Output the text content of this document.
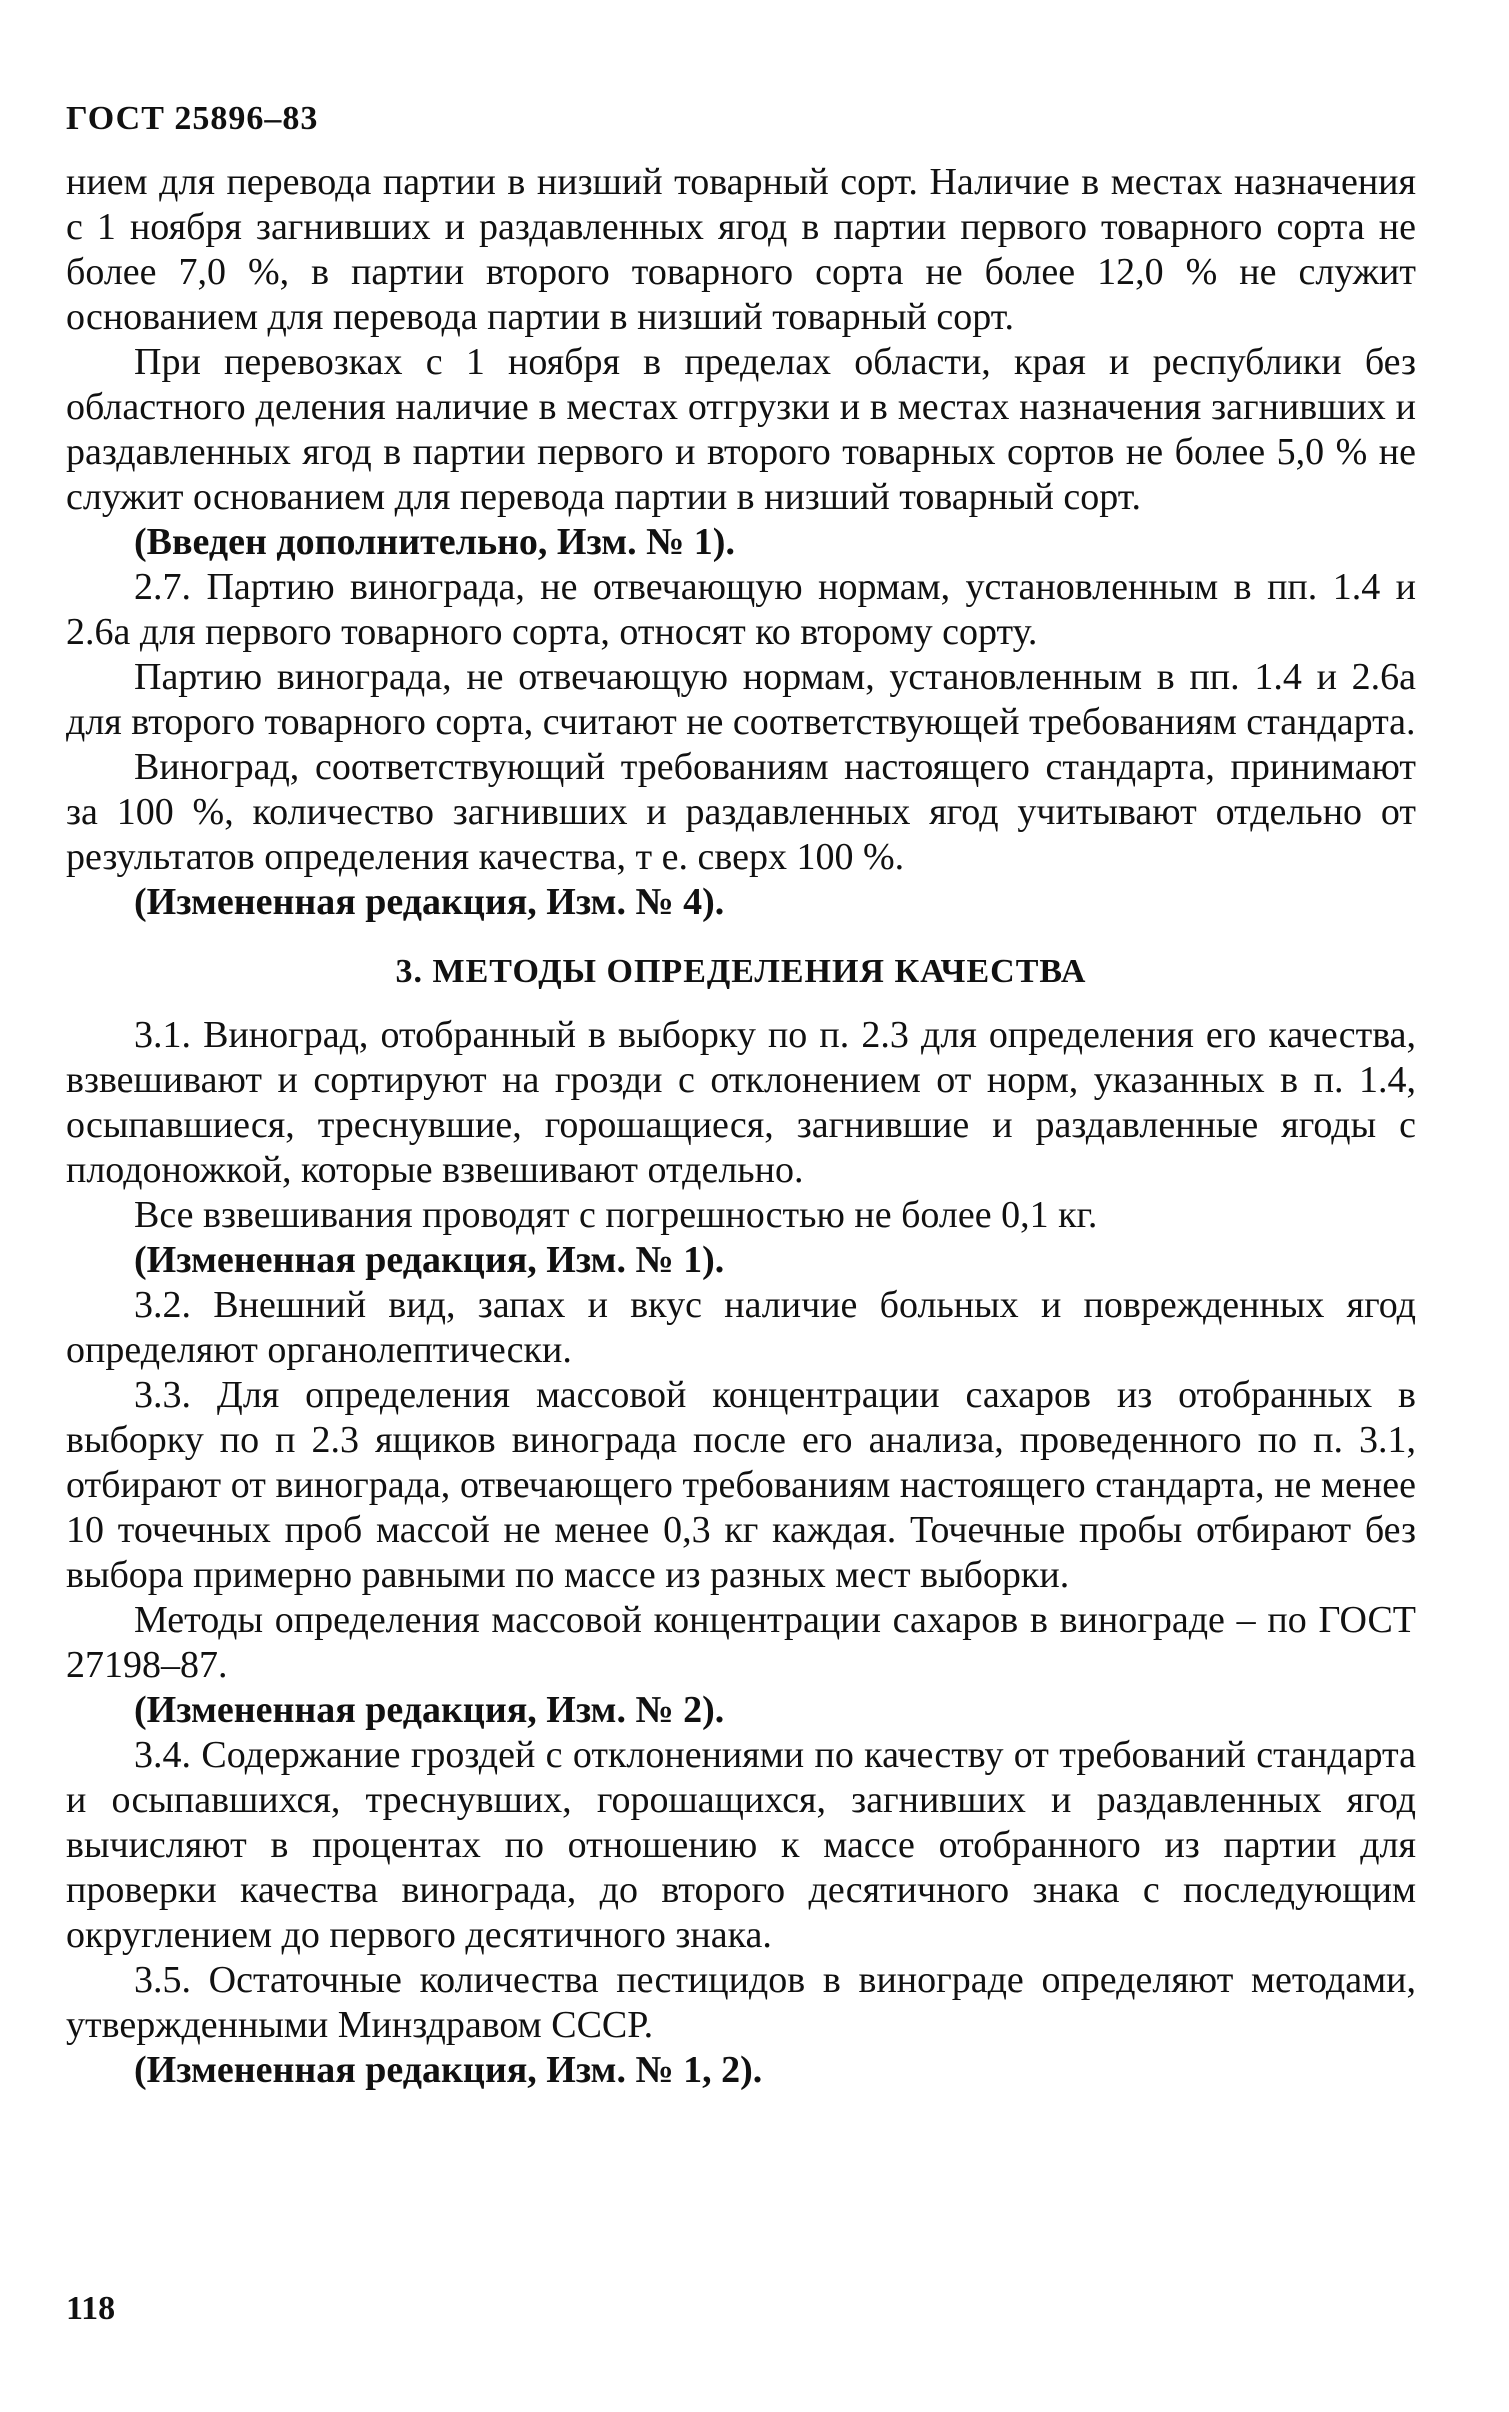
ГОСТ 25896–83

нием для перевода партии в низший товарный сорт. Наличие в местах назначения с 1 ноября загнивших и раздавленных ягод в партии первого товарного сорта не более 7,0 %, в партии второго товарного сорта не более 12,0 % не служит основанием для перевода партии в низший товарный сорт.

При перевозках с 1 ноября в пределах области, края и республики без областного деления наличие в местах отгрузки и в местах назначения загнивших и раздавленных ягод в партии первого и второго товарных сортов не более 5,0 % не служит основанием для перевода партии в низший товарный сорт.

(Введен дополнительно, Изм. № 1).

2.7. Партию винограда, не отвечающую нормам, установленным в пп. 1.4 и 2.6а для первого товарного сорта, относят ко второму сорту.

Партию винограда, не отвечающую нормам, установленным в пп. 1.4 и 2.6а для второго товарного сорта, считают не соответствующей требованиям стандарта.

Виноград, соответствующий требованиям настоящего стандарта, принимают за 100 %, количество загнивших и раздавленных ягод учитывают отдельно от результатов определения качества, т е. сверх 100 %.

(Измененная редакция, Изм. № 4).

3. МЕТОДЫ ОПРЕДЕЛЕНИЯ КАЧЕСТВА

3.1. Виноград, отобранный в выборку по п. 2.3 для определения его качества, взвешивают и сортируют на грозди с отклонением от норм, указанных в п. 1.4, осыпавшиеся, треснувшие, горошащиеся, загнившие и раздавленные ягоды с плодоножкой, которые взвешивают отдельно.

Все взвешивания проводят с погрешностью не более 0,1 кг.

(Измененная редакция, Изм. № 1).

3.2. Внешний вид, запах и вкус наличие больных и поврежденных ягод определяют органолептически.

3.3. Для определения массовой концентрации сахаров из отобранных в выборку по п 2.3 ящиков винограда после его анализа, проведенного по п. 3.1, отбирают от винограда, отвечающего требованиям настоящего стандарта, не менее 10 точечных проб массой не менее 0,3 кг каждая. Точечные пробы отбирают без выбора примерно равными по массе из разных мест выборки.

Методы определения массовой концентрации сахаров в винограде – по ГОСТ 27198–87.

(Измененная редакция, Изм. № 2).

3.4. Содержание гроздей с отклонениями по качеству от требований стандарта и осыпавшихся, треснувших, горошащихся, загнивших и раздавленных ягод вычисляют в процентах по отношению к массе отобранного из партии для проверки качества винограда, до второго десятичного знака с последующим округлением до первого десятичного знака.

3.5. Остаточные количества пестицидов в винограде определяют методами, утвержденными Минздравом СССР.

(Измененная редакция, Изм. № 1, 2).

118
